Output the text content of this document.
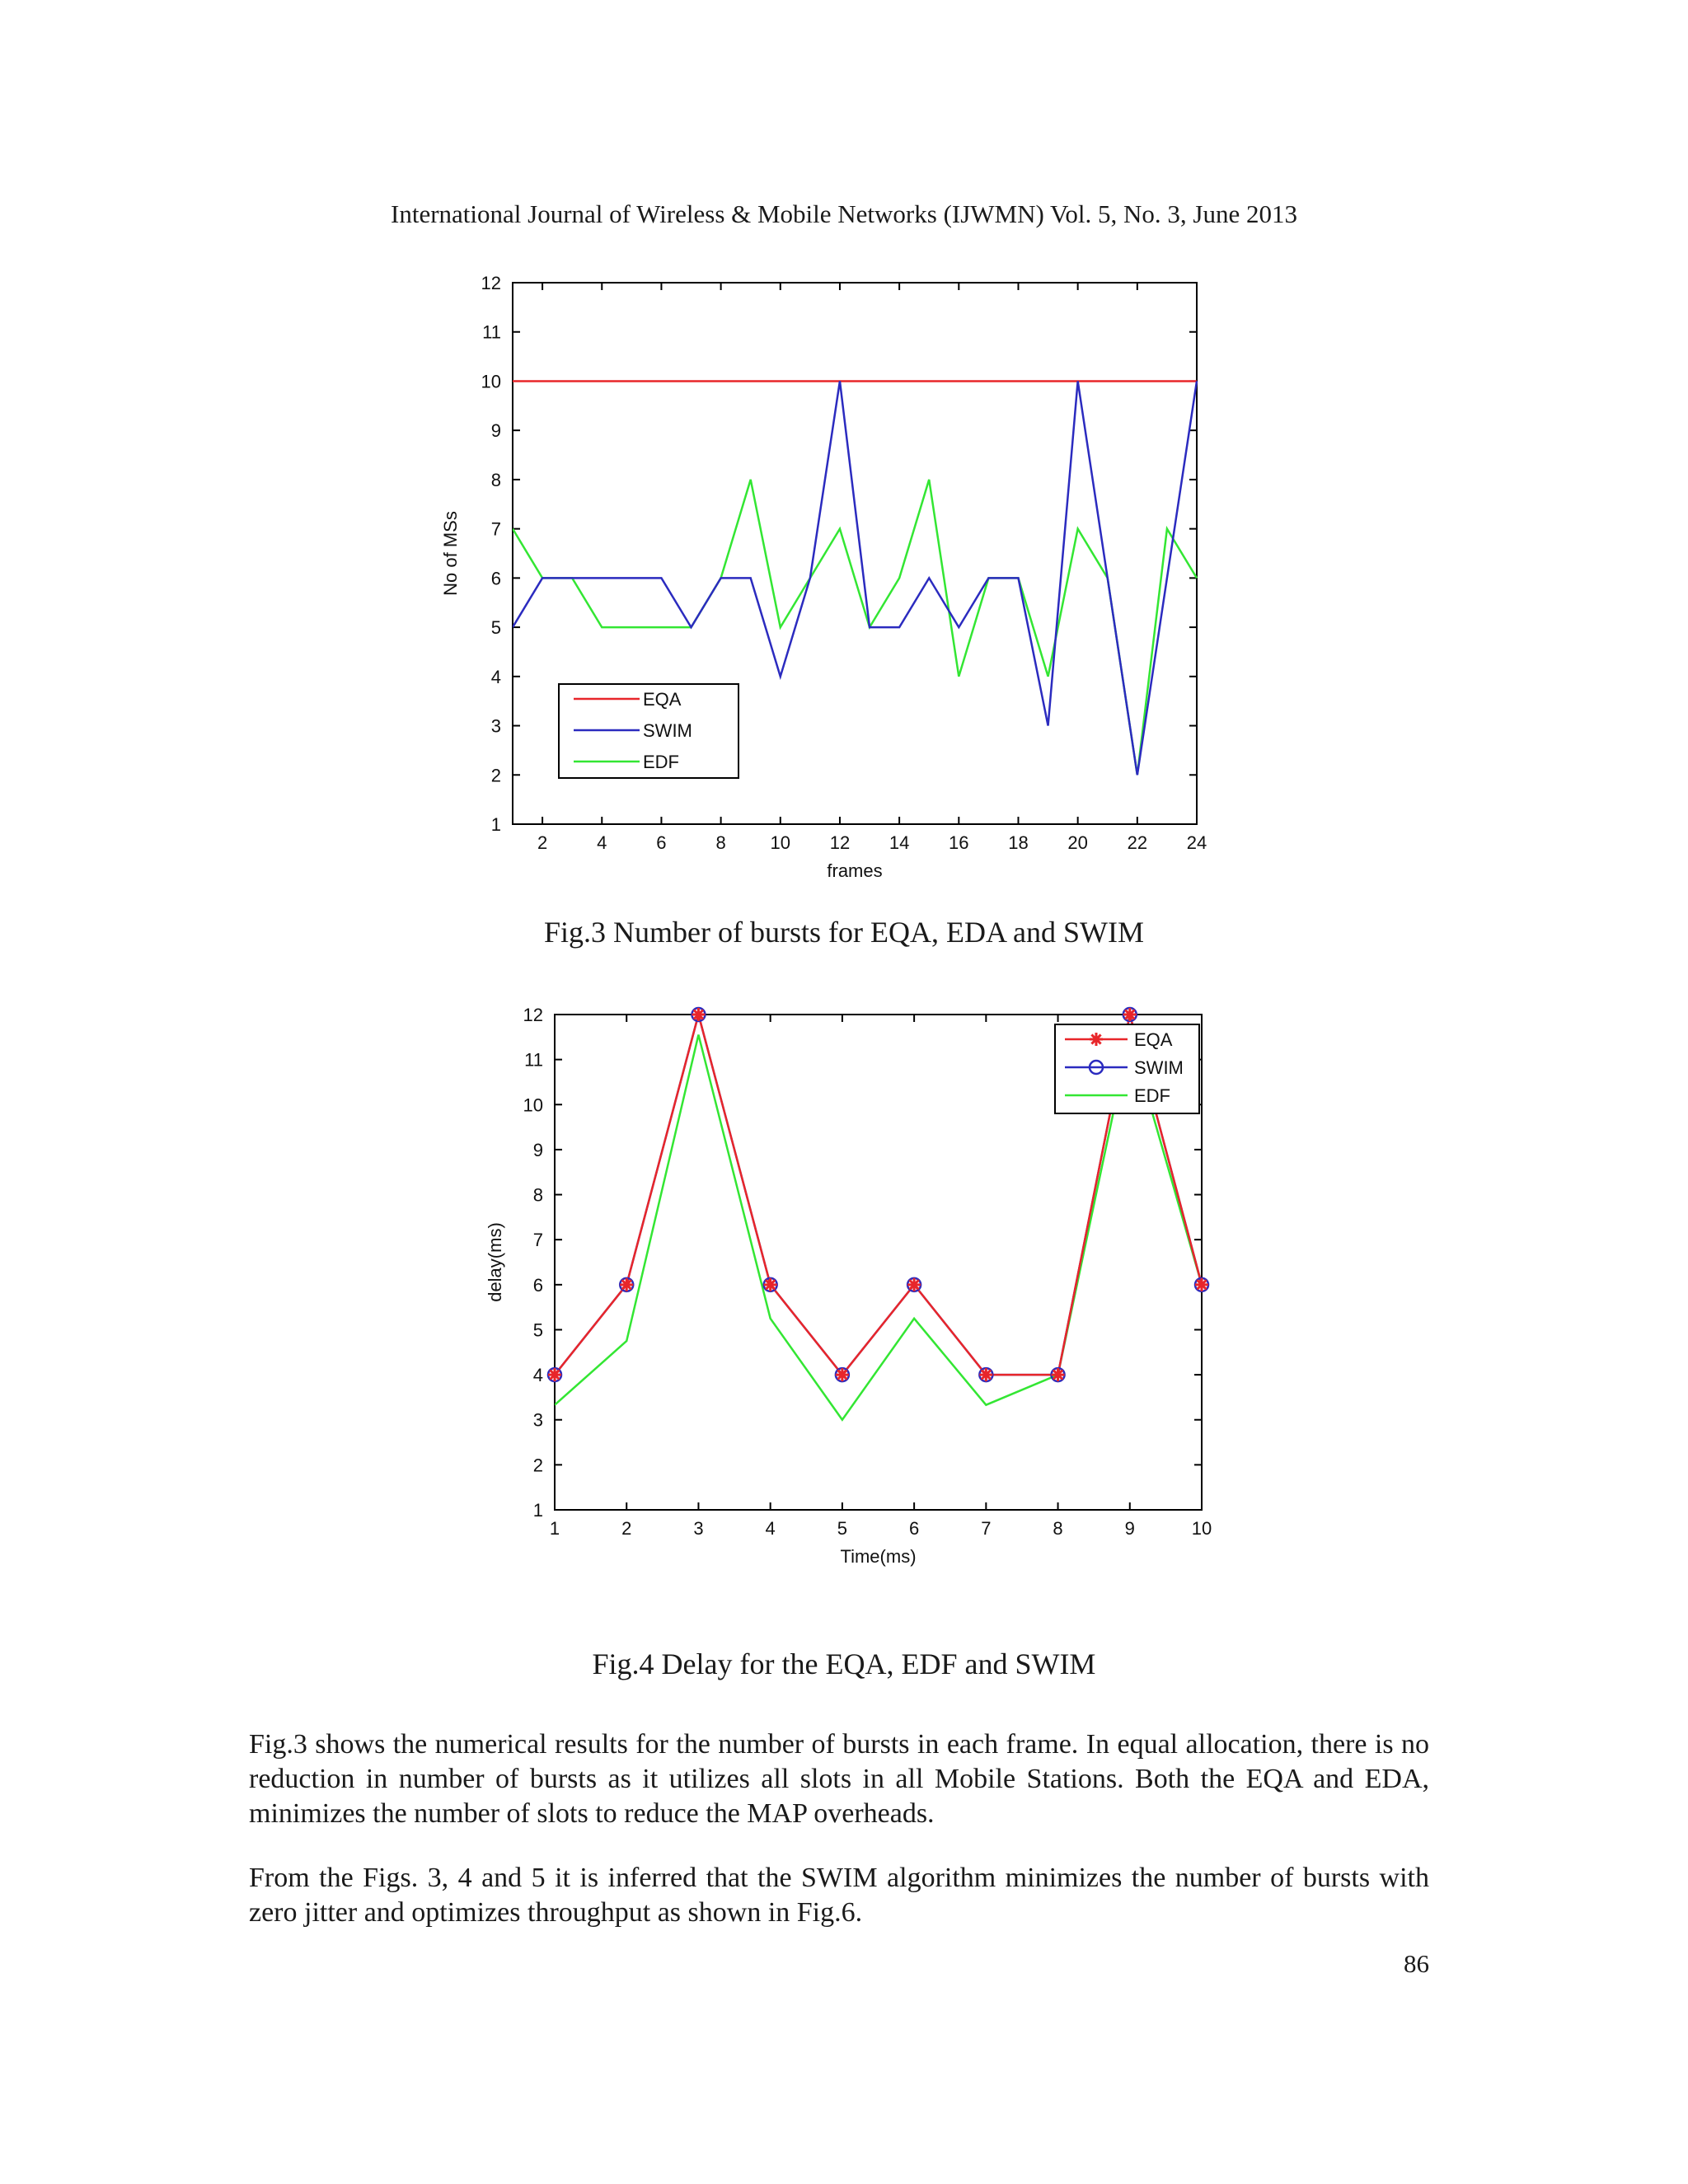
International Journal of Wireless & Mobile Networks (IJWMN) Vol. 5, No. 3, June 2013
2	4	6	8 10 12 14 16 18 20 22 24
1
2
3
4
5
6
7
8
9
10
11
12
frames
No of MSs
EQA
SWIM
EDF
1	2	3	4	5	6	7	8	9	10
1
2
3
4
5
6
7
8
9
10
11
12
Time(ms)
delay(ms)
EQA
SWIM
EDF
Fig.3 Number of bursts for EQA, EDA and SWIM
Fig.4 Delay for the EQA, EDF and SWIM

Fig.3 shows the numerical results for the number of bursts in each frame. In equal allocation, there is no reduction in number of bursts as it utilizes all slots in all Mobile Stations. Both the EQA and EDA, minimizes the number of slots to reduce the MAP overheads.

From the Figs. 3, 4 and 5 it is inferred that the SWIM algorithm minimizes the number of bursts with zero jitter and optimizes throughput as shown in Fig.6.

86
